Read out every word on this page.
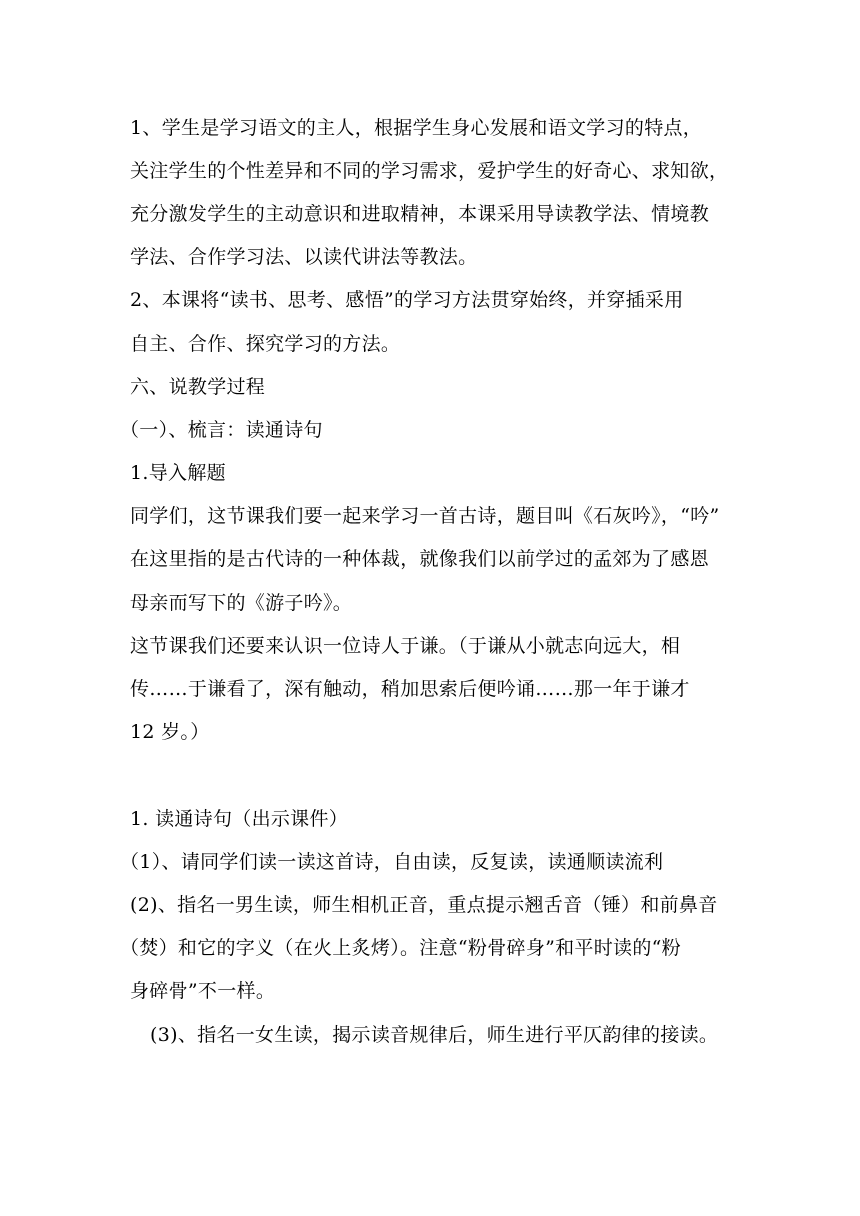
1、学生是学习语文的主人，根据学生身心发展和语文学习的特点，
关注学生的个性差异和不同的学习需求，爱护学生的好奇心、求知欲，
充分激发学生的主动意识和进取精神，本课采用导读教学法、情境教
学法、合作学习法、以读代讲法等教法。
2、本课将“读书、思考、感悟”的学习方法贯穿始终，并穿插采用
自主、合作、探究学习的方法。
六、说教学过程
（一）、梳言：读通诗句
1.导入解题
同学们，这节课我们要一起来学习一首古诗，题目叫《石灰吟》，“吟”
在这里指的是古代诗的一种体裁，就像我们以前学过的孟郊为了感恩
母亲而写下的《游子吟》。
这节课我们还要来认识一位诗人于谦。（于谦从小就志向远大，相
传……于谦看了，深有触动，稍加思索后便吟诵……那一年于谦才
12 岁。）
1. 读通诗句（出示课件）
（1）、请同学们读一读这首诗，自由读，反复读，读通顺读流利
(2)、指名一男生读，师生相机正音，重点提示翘舌音（锤）和前鼻音
（焚）和它的字义（在火上炙烤）。注意“粉骨碎身”和平时读的“粉
身碎骨”不一样。
(3)、指名一女生读，揭示读音规律后，师生进行平仄韵律的接读。
